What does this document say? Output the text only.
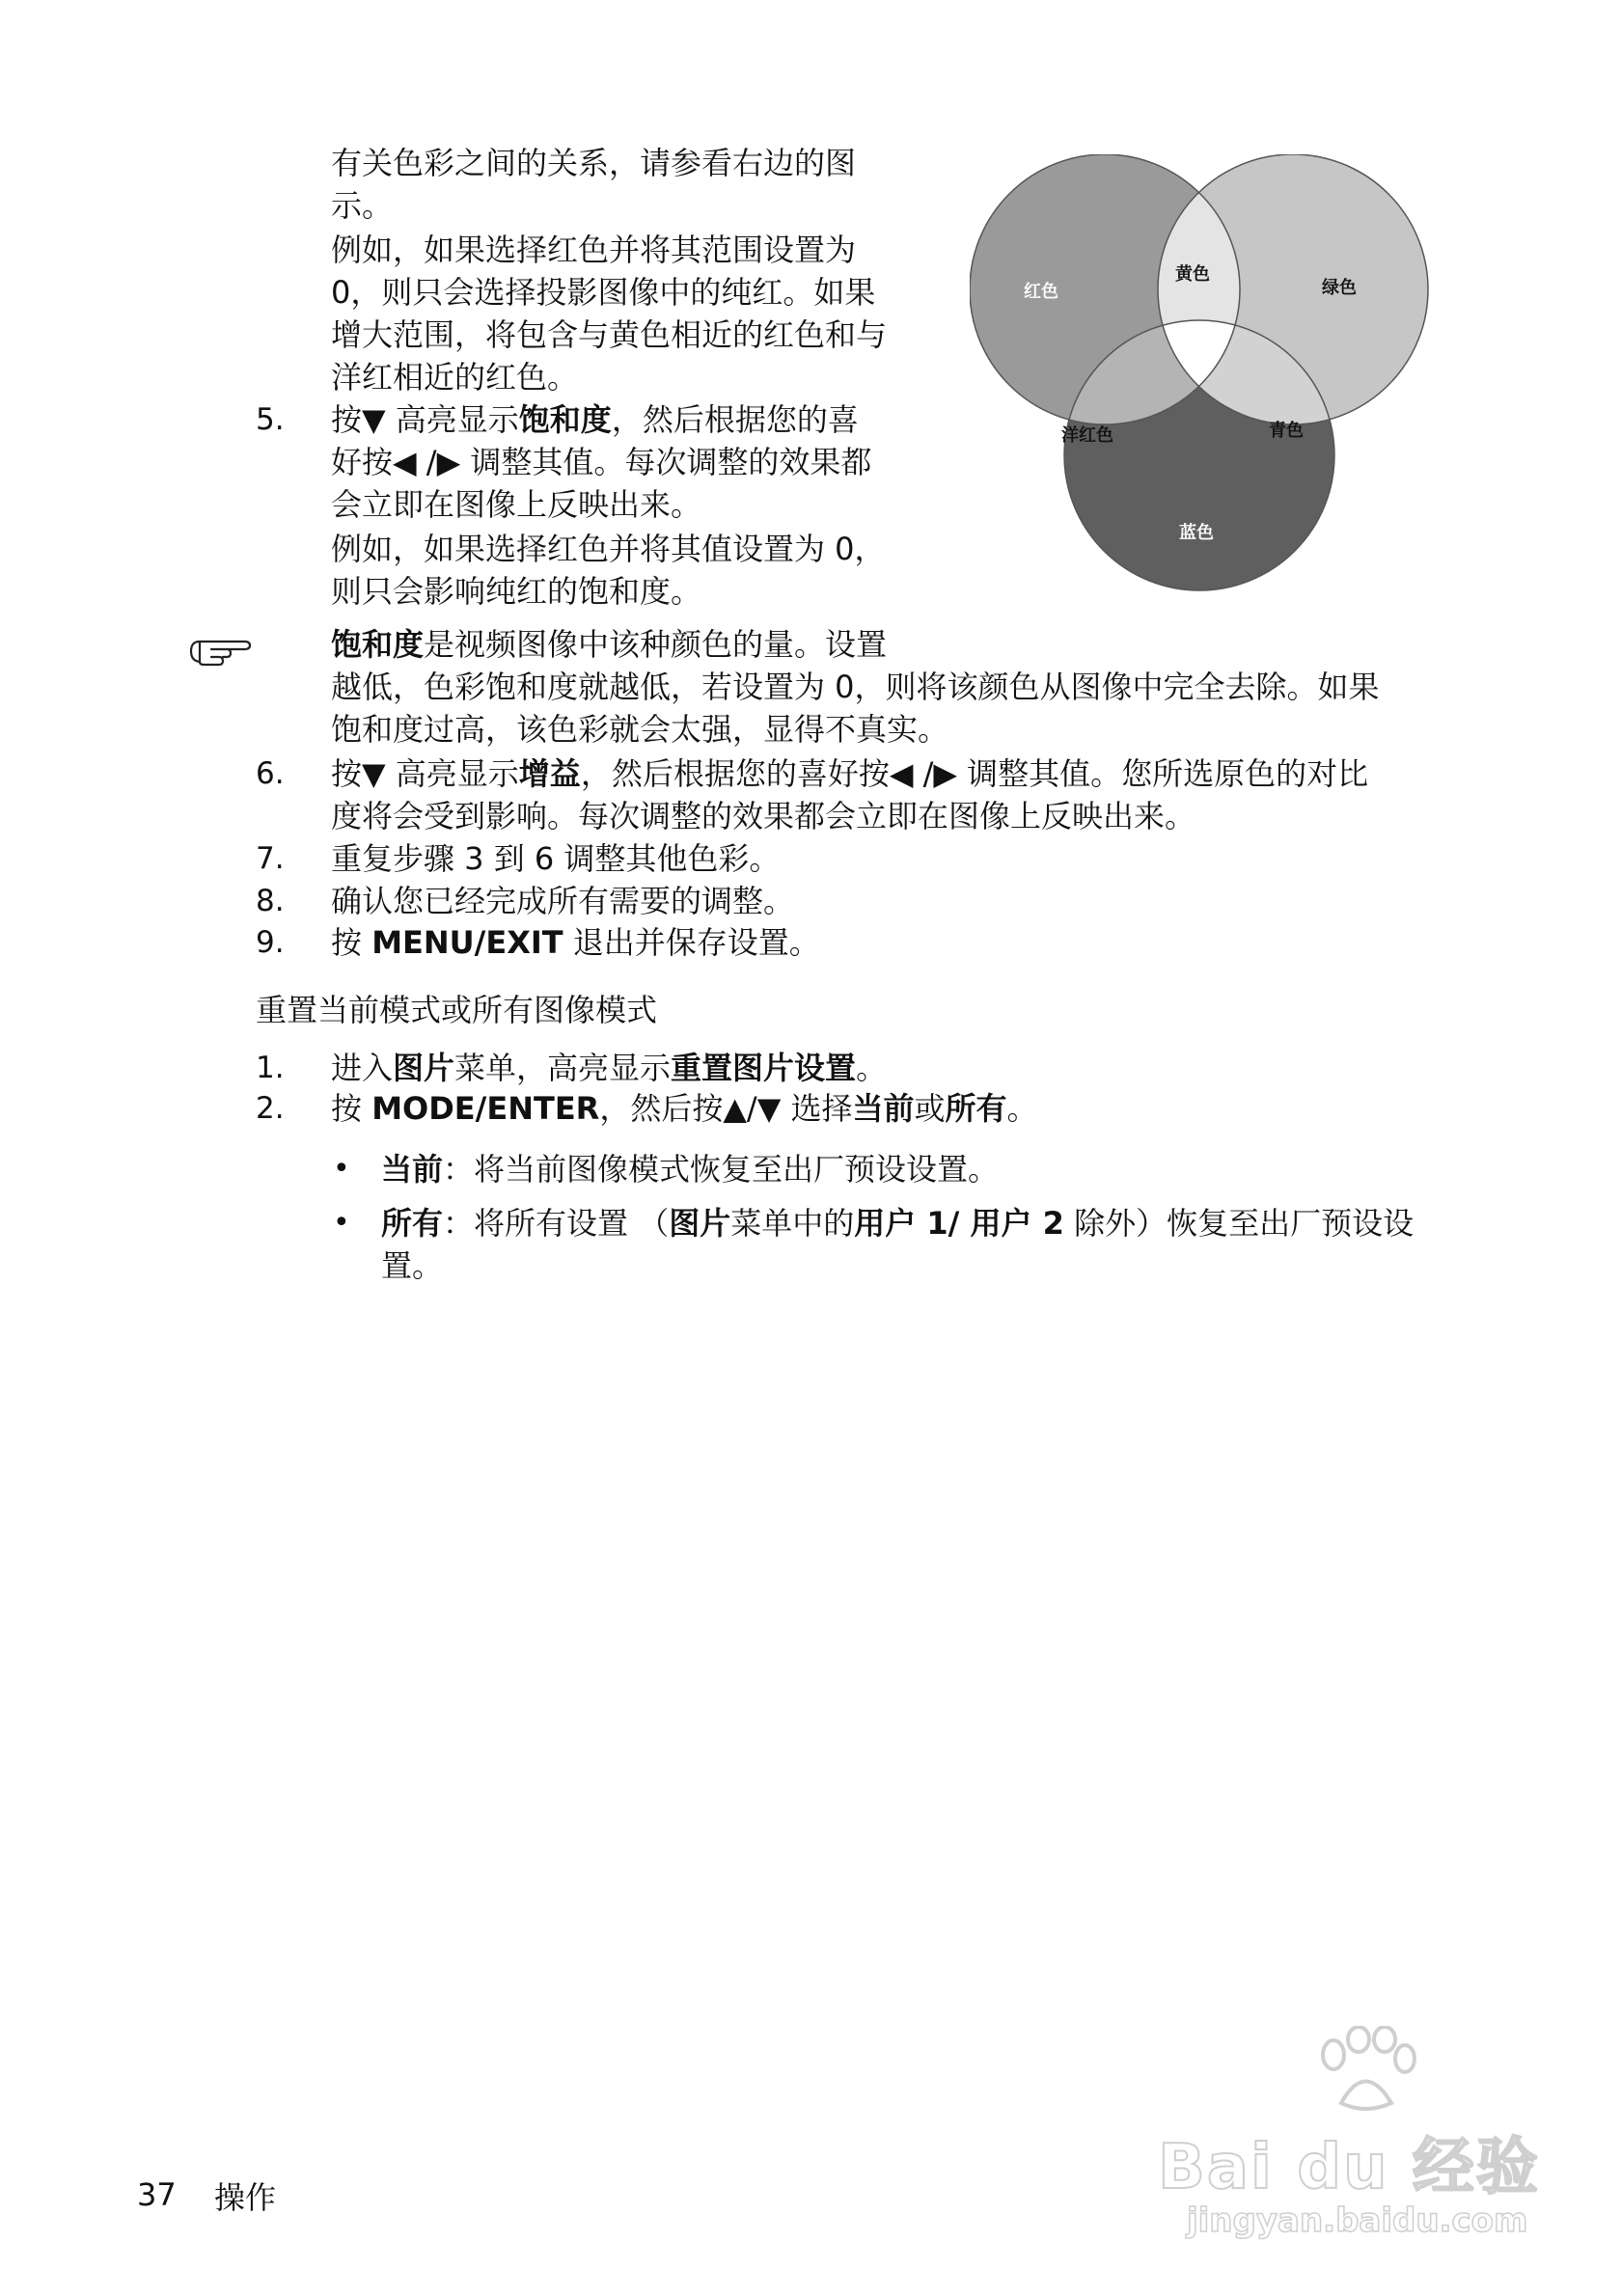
有关色彩之间的关系，请参看右边的图
示。
例如，如果选择红色并将其范围设置为
0，则只会选择投影图像中的纯红。如果
增大范围，将包含与黄色相近的红色和与
洋红相近的红色。
5. 按▼ 高亮显示饱和度，然后根据您的喜
好按◀ /▶ 调整其值。每次调整的效果都
会立即在图像上反映出来。
例如，如果选择红色并将其值设置为 0，
则只会影响纯红的饱和度。
红色
黄色
绿色
洋红色	青色
蓝色
饱和度是视频图像中该种颜色的量。设置
越低，色彩饱和度就越低，若设置为 0，则将该颜色从图像中完全去除。如果
饱和度过高，该色彩就会太强，显得不真实。
6. 按▼ 高亮显示增益，然后根据您的喜好按◀ /▶ 调整其值。您所选原色的对比
度将会受到影响。每次调整的效果都会立即在图像上反映出来。
7. 重复步骤 3 到 6 调整其他色彩。
8. 确认您已经完成所有需要的调整。
9. 按 MENU/EXIT 退出并保存设置。
重置当前模式或所有图像模式
1. 进入图片菜单，高亮显示重置图片设置。
2. 按 MODE/ENTER，然后按▲/▼ 选择当前或所有。
• 当前：将当前图像模式恢复至出厂预设设置。
• 所有：将所有设置 （图片菜单中的用户 1/ 用户 2 除外）恢复至出厂预设设
置。
37 操作	Bai du 经验
jingyan.baidu.com
